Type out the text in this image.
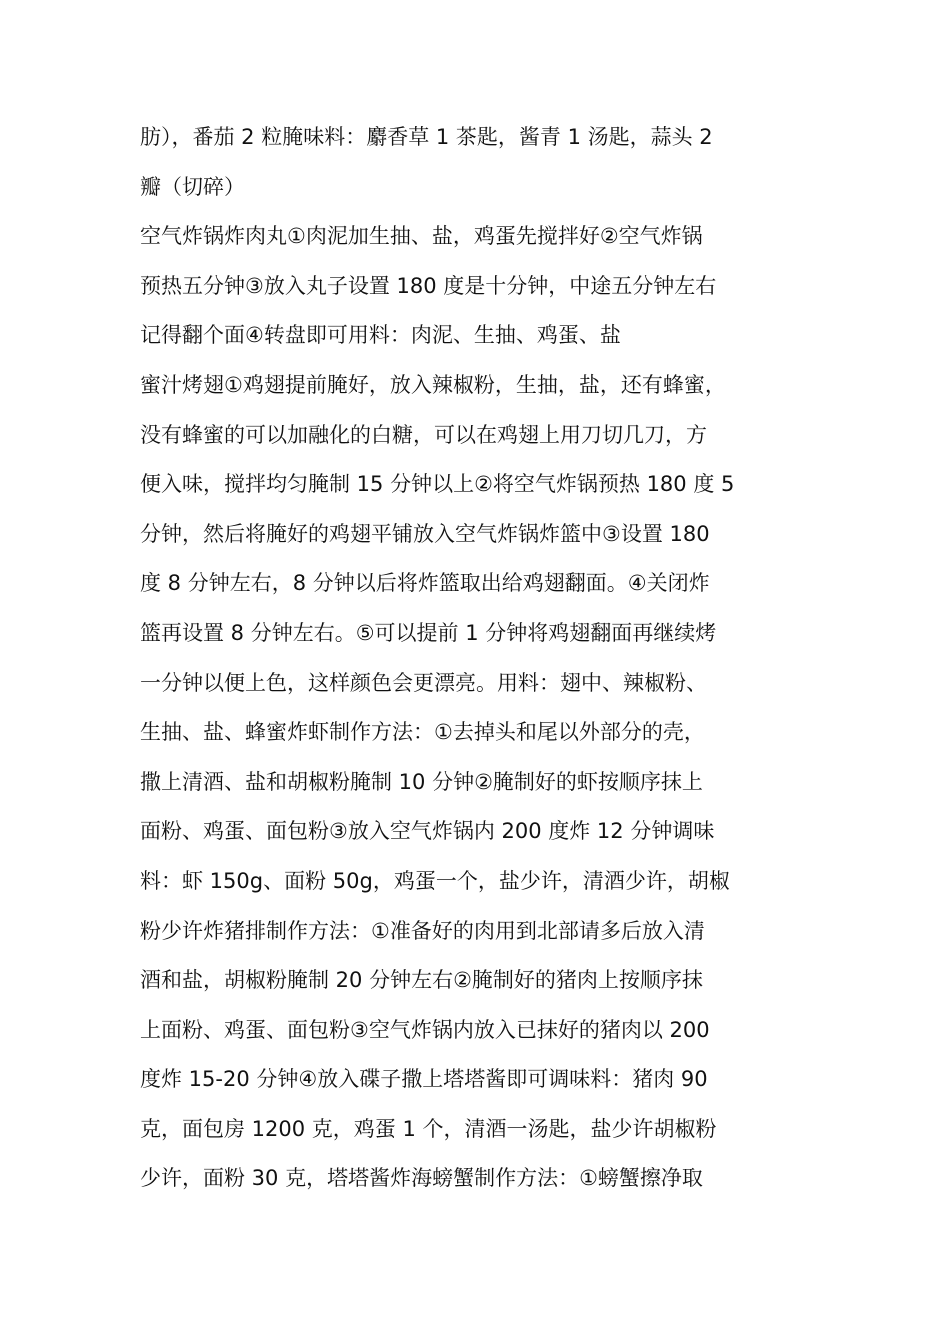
肪），番茄 2 粒腌味料：麝香草 1 茶匙，酱青 1 汤匙，蒜头 2
瓣（切碎）
空气炸锅炸肉丸①肉泥加生抽、盐，鸡蛋先搅拌好②空气炸锅
预热五分钟③放入丸子设置 180 度是十分钟，中途五分钟左右
记得翻个面④转盘即可用料：肉泥、生抽、鸡蛋、盐
蜜汁烤翅①鸡翅提前腌好，放入辣椒粉，生抽，盐，还有蜂蜜，
没有蜂蜜的可以加融化的白糖，可以在鸡翅上用刀切几刀，方
便入味，搅拌均匀腌制 15 分钟以上②将空气炸锅预热 180 度 5
分钟，然后将腌好的鸡翅平铺放入空气炸锅炸篮中③设置 180
度 8 分钟左右，8 分钟以后将炸篮取出给鸡翅翻面。④关闭炸
篮再设置 8 分钟左右。⑤可以提前 1 分钟将鸡翅翻面再继续烤
一分钟以便上色，这样颜色会更漂亮。用料：翅中、辣椒粉、
生抽、盐、蜂蜜炸虾制作方法：①去掉头和尾以外部分的壳，
撒上清酒、盐和胡椒粉腌制 10 分钟②腌制好的虾按顺序抹上
面粉、鸡蛋、面包粉③放入空气炸锅内 200 度炸 12 分钟调味
料：虾 150g、面粉 50g，鸡蛋一个，盐少许，清酒少许，胡椒
粉少许炸猪排制作方法：①准备好的肉用到北部请多后放入清
酒和盐，胡椒粉腌制 20 分钟左右②腌制好的猪肉上按顺序抹
上面粉、鸡蛋、面包粉③空气炸锅内放入已抹好的猪肉以 200
度炸 15-20 分钟④放入碟子撒上塔塔酱即可调味料：猪肉 90
克，面包房 1200 克，鸡蛋 1 个，清酒一汤匙，盐少许胡椒粉
少许，面粉 30 克，塔塔酱炸海螃蟹制作方法：①螃蟹擦净取
